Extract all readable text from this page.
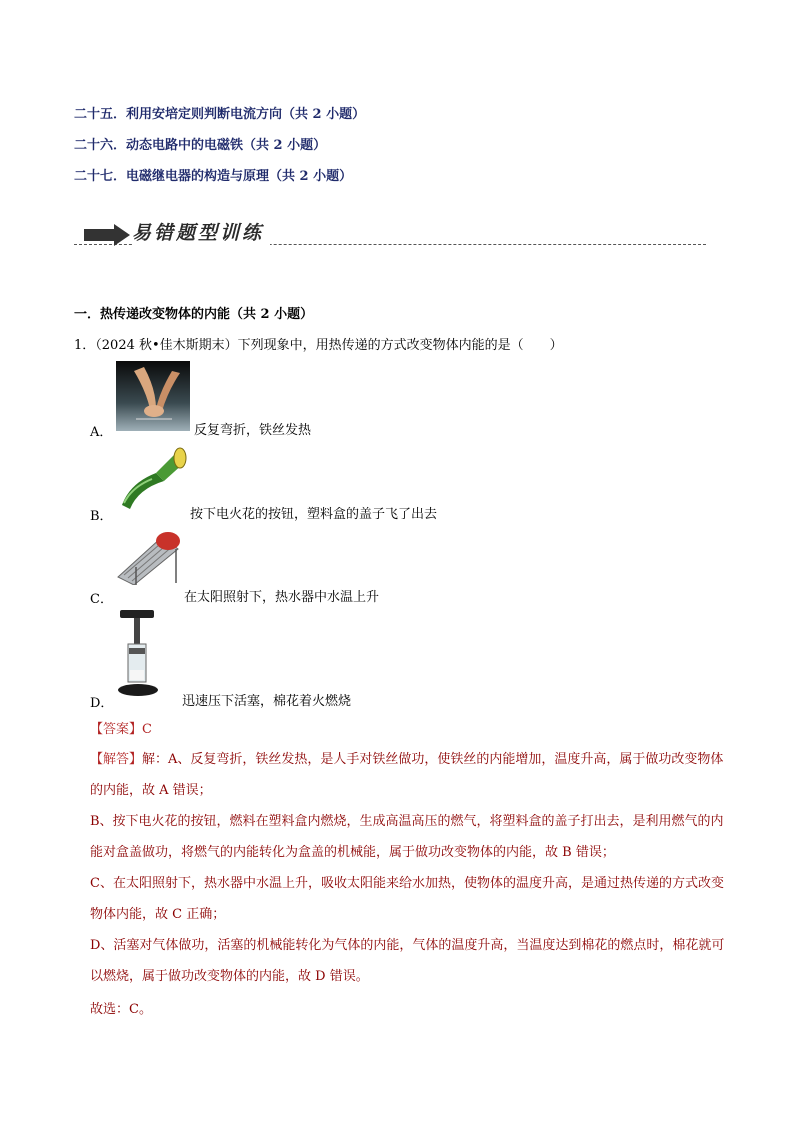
二十五．利用安培定则判断电流方向（共 2 小题）
二十六．动态电路中的电磁铁（共 2 小题）
二十七．电磁继电器的构造与原理（共 2 小题）
易错题型训练
一．热传递改变物体的内能（共 2 小题）
1．（2024 秋•佳木斯期末）下列现象中，用热传递的方式改变物体内能的是（　　）
A．	反复弯折，铁丝发热
B．	按下电火花的按钮，塑料盒的盖子飞了出去
C．	在太阳照射下，热水器中水温上升
D．	迅速压下活塞，棉花着火燃烧
【答案】C
【解答】解：A、反复弯折，铁丝发热，是人手对铁丝做功，使铁丝的内能增加，温度升高，属于做功改变物体的内能，故 A 错误；
B、按下电火花的按钮，燃料在塑料盒内燃烧，生成高温高压的燃气，将塑料盒的盖子打出去，是利用燃气的内能对盒盖做功，将燃气的内能转化为盒盖的机械能，属于做功改变物体的内能，故 B 错误；
C、在太阳照射下，热水器中水温上升，吸收太阳能来给水加热，使物体的温度升高，是通过热传递的方式改变物体内能，故 C 正确；
D、活塞对气体做功，活塞的机械能转化为气体的内能，气体的温度升高，当温度达到棉花的燃点时，棉花就可以燃烧，属于做功改变物体的内能，故 D 错误。
故选：C。
